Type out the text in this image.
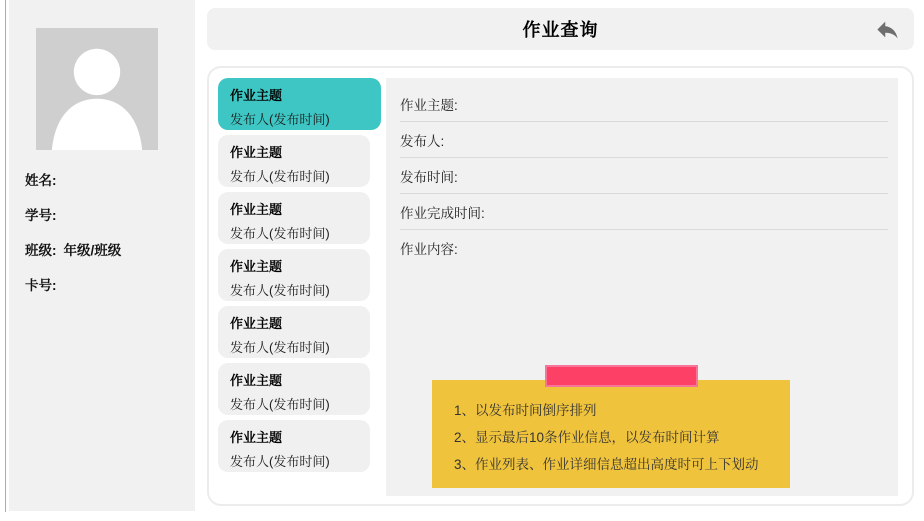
姓名:
学号:
班级: 年级/班级
卡号:
作业查询
作业主题
发布人(发布时间)
作业主题
发布人(发布时间)
作业主题
发布人(发布时间)
作业主题
发布人(发布时间)
作业主题
发布人(发布时间)
作业主题
发布人(发布时间)
作业主题
发布人(发布时间)
作业主题:
发布人:
发布时间:
作业完成时间:
作业内容:
1、以发布时间倒序排列
2、显示最后10条作业信息，以发布时间计算
3、作业列表、作业详细信息超出高度时可上下划动
